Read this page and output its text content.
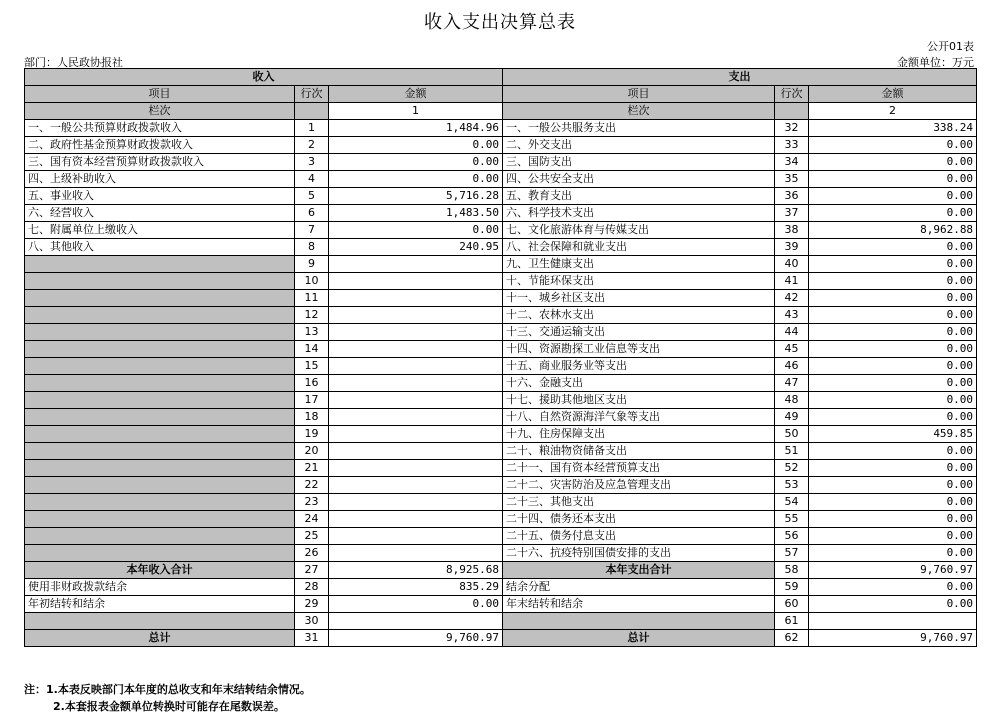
收入支出决算总表
公开01表
部门：人民政协报社	金额单位：万元
收入			支出		
项目	行次	金额	项目	行次	金额
栏次		1	栏次		2
一、一般公共预算财政拨款收入	1	1,484.96	一、一般公共服务支出	32	338.24
二、政府性基金预算财政拨款收入	2	0.00	二、外交支出	33	0.00
三、国有资本经营预算财政拨款收入	3	0.00	三、国防支出	34	0.00
四、上级补助收入	4	0.00	四、公共安全支出	35	0.00
五、事业收入	5	5,716.28	五、教育支出	36	0.00
六、经营收入	6	1,483.50	六、科学技术支出	37	0.00
七、附属单位上缴收入	7	0.00	七、文化旅游体育与传媒支出	38	8,962.88
八、其他收入	8	240.95	八、社会保障和就业支出	39	0.00
	9		九、卫生健康支出	40	0.00
	10		十、节能环保支出	41	0.00
	11		十一、城乡社区支出	42	0.00
	12		十二、农林水支出	43	0.00
	13		十三、交通运输支出	44	0.00
	14		十四、资源勘探工业信息等支出	45	0.00
	15		十五、商业服务业等支出	46	0.00
	16		十六、金融支出	47	0.00
	17		十七、援助其他地区支出	48	0.00
	18		十八、自然资源海洋气象等支出	49	0.00
	19		十九、住房保障支出	50	459.85
	20		二十、粮油物资储备支出	51	0.00
	21		二十一、国有资本经营预算支出	52	0.00
	22		二十二、灾害防治及应急管理支出	53	0.00
	23		二十三、其他支出	54	0.00
	24		二十四、债务还本支出	55	0.00
	25		二十五、债务付息支出	56	0.00
	26		二十六、抗疫特别国债安排的支出	57	0.00
本年收入合计	27	8,925.68	本年支出合计	58	9,760.97
使用非财政拨款结余	28	835.29	结余分配	59	0.00
年初结转和结余	29	0.00	年末结转和结余	60	0.00
	30			61	
总计	31	9,760.97	总计	62	9,760.97
注：1.本表反映部门本年度的总收支和年末结转结余情况。
2.本套报表金额单位转换时可能存在尾数误差。
